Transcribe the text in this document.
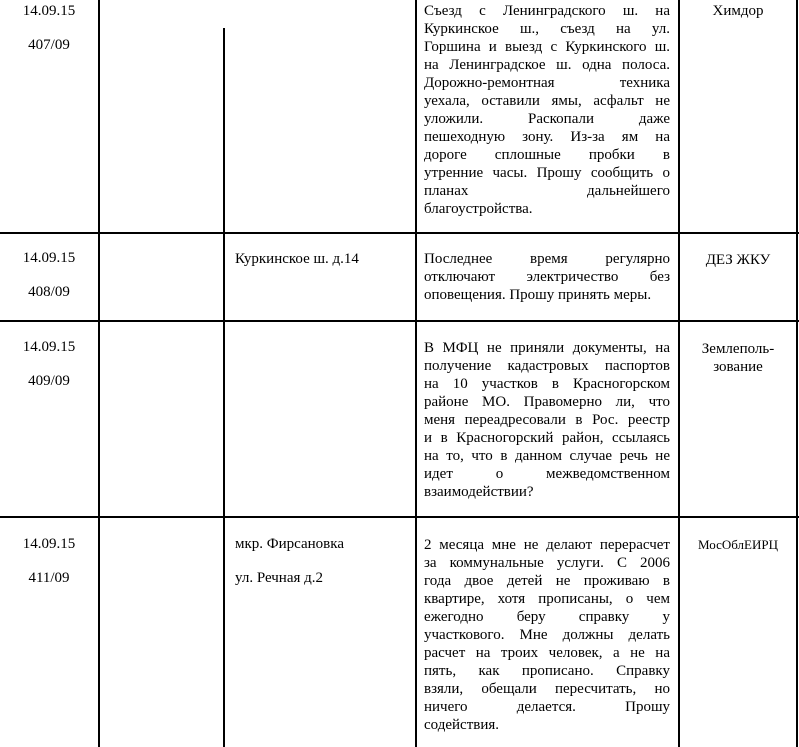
14.09.15
407/09
Съезд с Ленинградского ш. на
Куркинское ш., съезд на ул.
Горшина и выезд с Куркинского ш.
на Ленинградское ш. одна полоса.
Дорожно-ремонтная техника
уехала, оставили ямы, асфальт не
уложили. Раскопали даже
пешеходную зону. Из-за ям на
дороге сплошные пробки в
утренние часы. Прошу сообщить о
планах дальнейшего
благоустройства.
Химдор
14.09.15
408/09
Куркинское ш. д.14	Последнее время регулярно
отключают электричество без
оповещения. Прошу принять меры.
ДЕЗ ЖКУ
14.09.15
409/09
В МФЦ не приняли документы, на
получение кадастровых паспортов
на 10 участков в Красногорском
районе МО. Правомерно ли, что
меня переадресовали в Рос. реестр
и в Красногорский район, ссылаясь
на то, что в данном случае речь не
идет о межведомственном
взаимодействии?
Землеполь-
зование
14.09.15
411/09
мкр. Фирсановка
ул. Речная д.2
2 месяца мне не делают перерасчет
за коммунальные услуги. С 2006
года двое детей не проживаю в
квартире, хотя прописаны, о чем
ежегодно беру справку у
участкового. Мне должны делать
расчет на троих человек, а не на
пять, как прописано. Справку
взяли, обещали пересчитать, но
ничего делается. Прошу
содействия.
МосОблЕИРЦ
